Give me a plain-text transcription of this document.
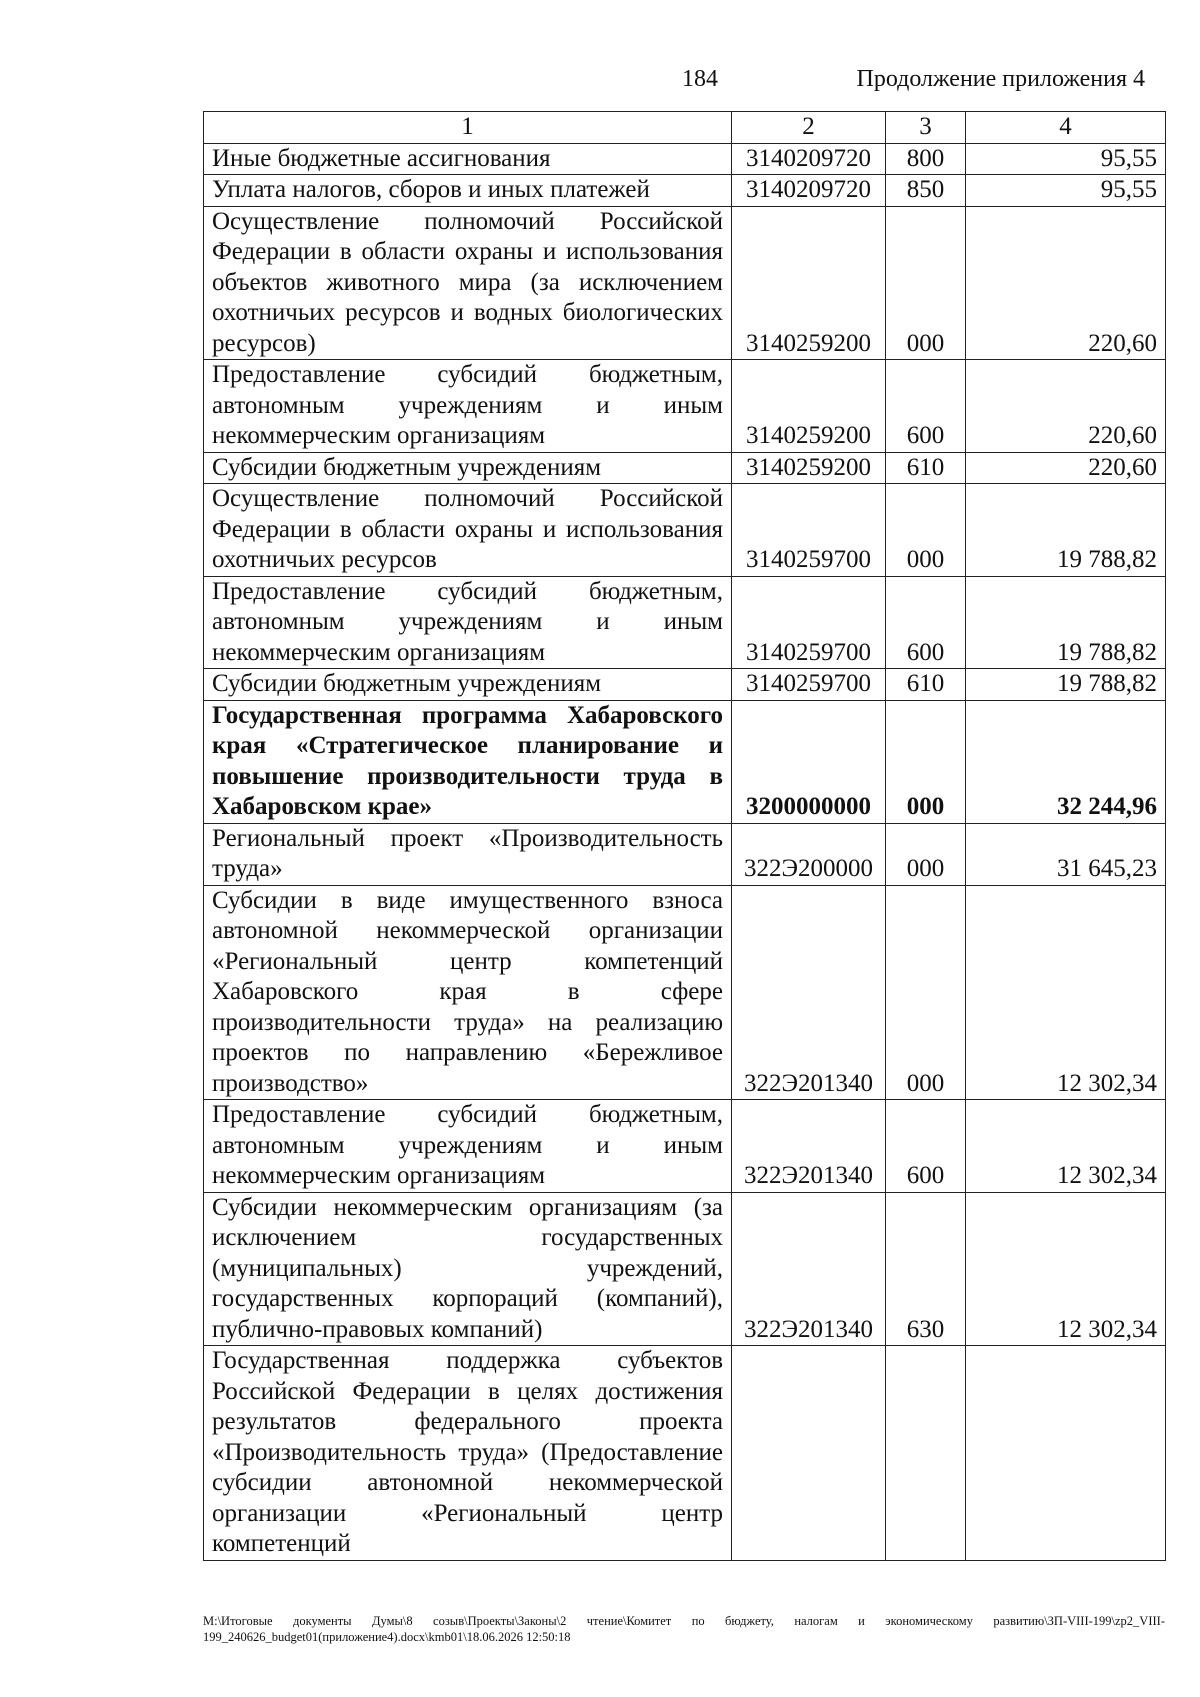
184	Продолжение приложения 4
1	2	3	4
Иные бюджетные ассигнования	3140209720	800	95,55
Уплата налогов, сборов и иных платежей	3140209720	850	95,55
Осуществление полномочий Российской Федерации в области охраны и использования объектов животного мира (за исключением охотничьих ресурсов и водных биологических ресурсов)	3140259200	000	220,60
Предоставление субсидий бюджетным, автономным учреждениям и иным некоммерческим организациям	3140259200	600	220,60
Субсидии бюджетным учреждениям	3140259200	610	220,60
Осуществление полномочий Российской Федерации в области охраны и использования охотничьих ресурсов	3140259700	000	19 788,82
Предоставление субсидий бюджетным, автономным учреждениям и иным некоммерческим организациям	3140259700	600	19 788,82
Субсидии бюджетным учреждениям	3140259700	610	19 788,82
Государственная программа Хабаровского края «Стратегическое планирование и повышение производительности труда в Хабаровском крае»	3200000000	000	32 244,96
Региональный проект «Производительность труда»	322Э200000	000	31 645,23
Субсидии в виде имущественного взноса автономной некоммерческой организации «Региональный центр компетенций Хабаровского края в сфере производительности труда» на реализацию проектов по направлению «Бережливое производство»	322Э201340	000	12 302,34
Предоставление субсидий бюджетным, автономным учреждениям и иным некоммерческим организациям	322Э201340	600	12 302,34
Субсидии некоммерческим организациям (за исключением государственных (муниципальных) учреждений, государственных корпораций (компаний), публично-правовых компаний)	322Э201340	630	12 302,34
Государственная поддержка субъектов Российской Федерации в целях достижения результатов федерального проекта «Производительность труда» (Предоставление субсидии автономной некоммерческой организации «Региональный центр компетенций			
M:\Итоговые документы Думы\8 созыв\Проекты\Законы\2 чтение\Комитет по бюджету, налогам и экономическому развитию\ЗП-VIII-199\zp2_VIII-199_240626_budget01(приложение4).docx\kmb01\18.06.2026 12:50:18
